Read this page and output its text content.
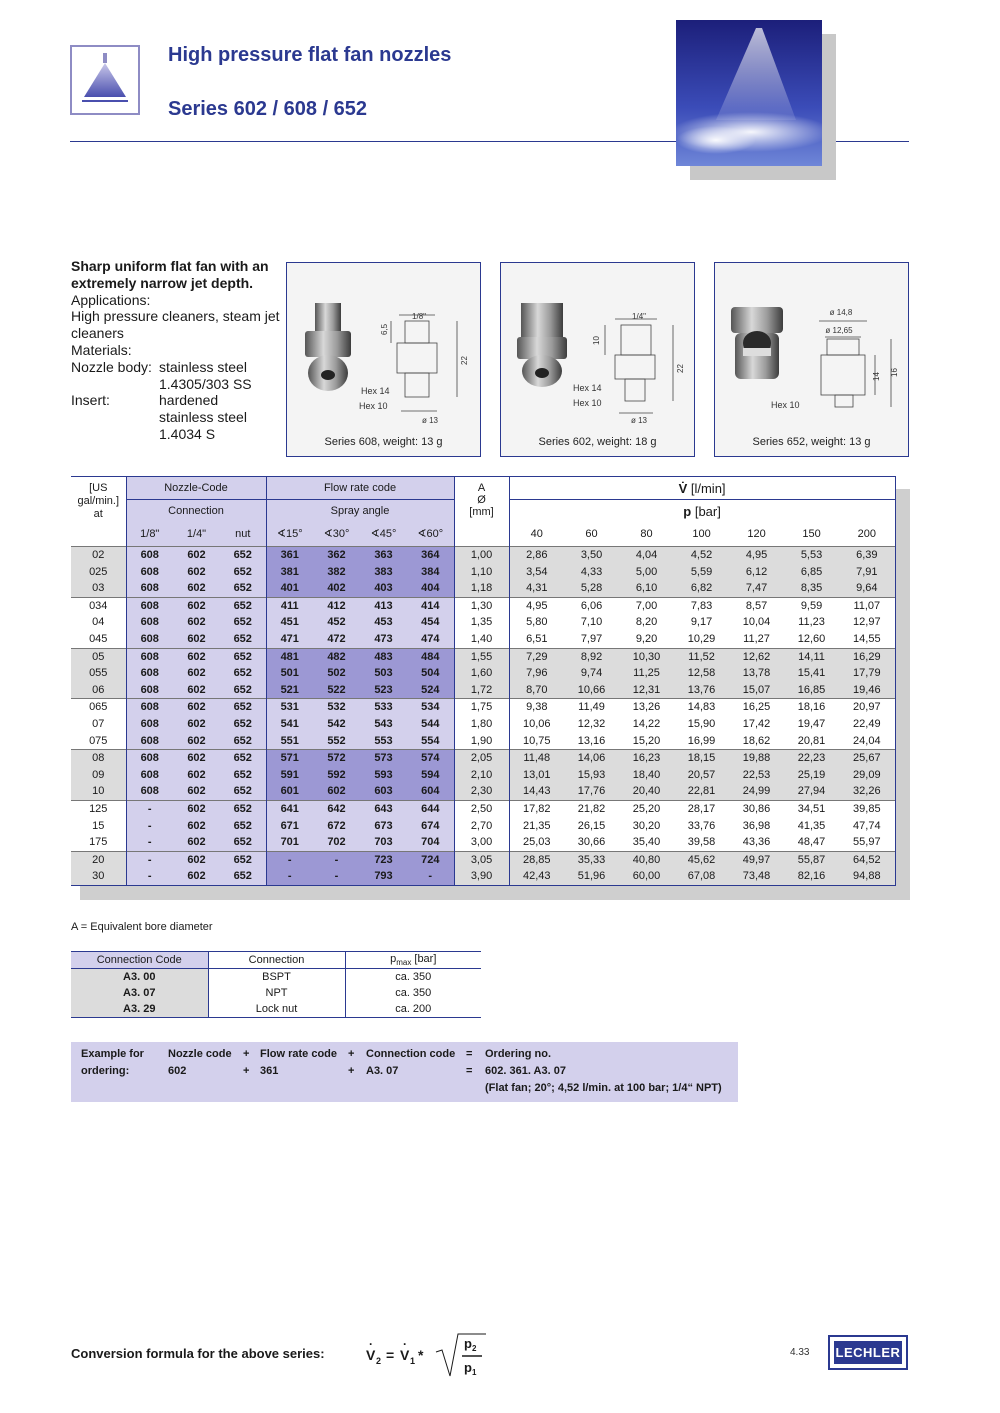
High pressure flat fan nozzles
Series 602 / 608 / 652
Sharp uniform flat fan with an extremely narrow jet depth.
Applications:
High pressure cleaners, steam jet cleaners
Materials:
Nozzle body: stainless steel
1.4305/303 SS
Insert:	hardened
stainless steel
1.4034 S
1/8"
6,5
22
Hex 14
Hex 10
ø 13
Series 608, weight: 13 g
1/4"
10
22
Hex 14
Hex 10
ø 13
Series 602, weight: 18 g
ø 14,8
ø 12,65
14 16
Hex 10
Series 652, weight: 13 g
[US
gal/min.]
at	Nozzle-Code			Flow rate code				A
Ø
[mm]	V̇ [l/min]						
	Connection			Spray angle					p [bar]						
	1/8"	1/4"	nut	∢15°	∢30°	∢45°	∢60°		40	60	80	100	120	150	200
02	608	602	652	361	362	363	364	1,00	2,86	3,50	4,04	4,52	4,95	5,53	6,39
025	608	602	652	381	382	383	384	1,10	3,54	4,33	5,00	5,59	6,12	6,85	7,91
03	608	602	652	401	402	403	404	1,18	4,31	5,28	6,10	6,82	7,47	8,35	9,64
034	608	602	652	411	412	413	414	1,30	4,95	6,06	7,00	7,83	8,57	9,59	11,07
04	608	602	652	451	452	453	454	1,35	5,80	7,10	8,20	9,17	10,04	11,23	12,97
045	608	602	652	471	472	473	474	1,40	6,51	7,97	9,20	10,29	11,27	12,60	14,55
05	608	602	652	481	482	483	484	1,55	7,29	8,92	10,30	11,52	12,62	14,11	16,29
055	608	602	652	501	502	503	504	1,60	7,96	9,74	11,25	12,58	13,78	15,41	17,79
06	608	602	652	521	522	523	524	1,72	8,70	10,66	12,31	13,76	15,07	16,85	19,46
065	608	602	652	531	532	533	534	1,75	9,38	11,49	13,26	14,83	16,25	18,16	20,97
07	608	602	652	541	542	543	544	1,80	10,06	12,32	14,22	15,90	17,42	19,47	22,49
075	608	602	652	551	552	553	554	1,90	10,75	13,16	15,20	16,99	18,62	20,81	24,04
08	608	602	652	571	572	573	574	2,05	11,48	14,06	16,23	18,15	19,88	22,23	25,67
09	608	602	652	591	592	593	594	2,10	13,01	15,93	18,40	20,57	22,53	25,19	29,09
10	608	602	652	601	602	603	604	2,30	14,43	17,76	20,40	22,81	24,99	27,94	32,26
125	-	602	652	641	642	643	644	2,50	17,82	21,82	25,20	28,17	30,86	34,51	39,85
15	-	602	652	671	672	673	674	2,70	21,35	26,15	30,20	33,76	36,98	41,35	47,74
175	-	602	652	701	702	703	704	3,00	25,03	30,66	35,40	39,58	43,36	48,47	55,97
20	-	602	652	-	-	723	724	3,05	28,85	35,33	40,80	45,62	49,97	55,87	64,52
30	-	602	652	-	-	793	-	3,90	42,43	51,96	60,00	67,08	73,48	82,16	94,88
A = Equivalent bore diameter
Connection Code	Connection	$p_{max}$ [bar]
A3. 00	BSPT	ca. 350
A3. 07	NPT	ca. 350
A3. 29	Lock nut	ca. 200
Example for
ordering:
Nozzle code + Flow rate code + Connection code = Ordering no.
602	+ 361	+ A3. 07	= 602. 361. A3. 07
(Flat fan; 20°; 4,52 l/min. at 100 bar; 1/4“ NPT)
Conversion formula for the above series:	V
·
2 = V
·
1 *
p 2
p 1
4.33 LECHLER
